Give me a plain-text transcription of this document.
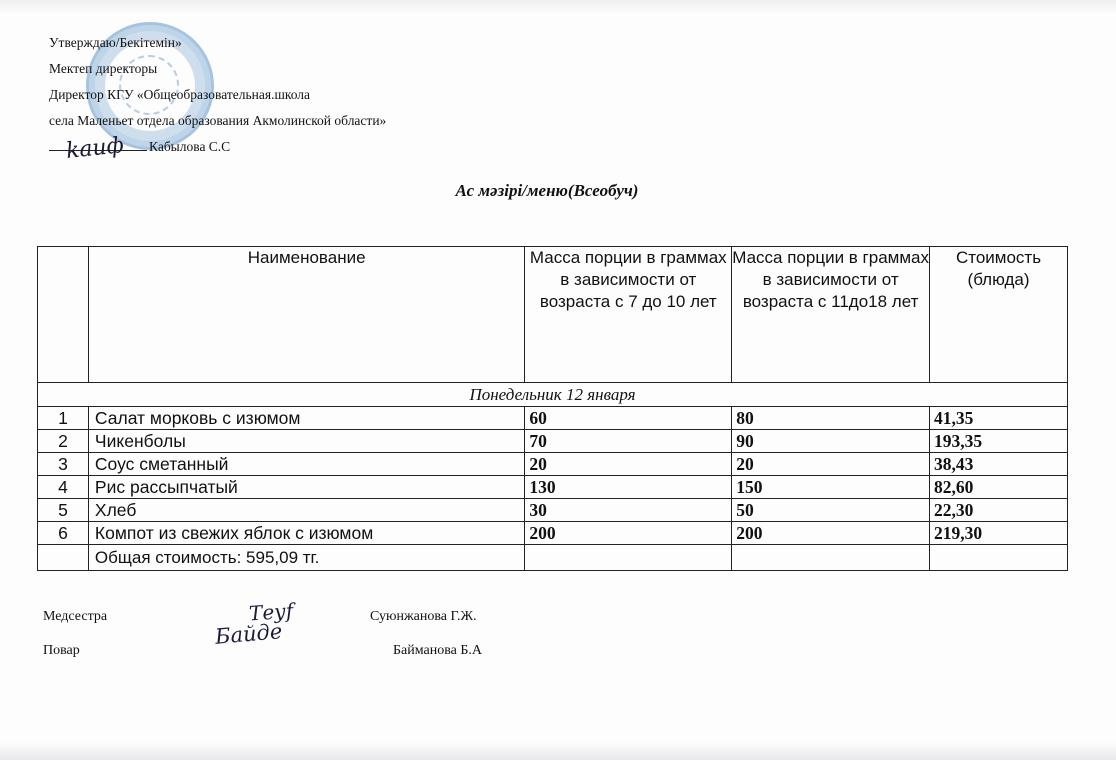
Утверждаю/Бекітемін»
Мектеп директоры
Директор КГУ «Общеобразовательная.школа
села Маленьет отдела образования Акмолинской области»
Кабылова С.С
kaиф
Ас мәзірі/меню(Всеобуч)
	Наименование	Масса порции в граммах в зависимости от возраста с 7 до 10 лет	Масса порции в граммах в зависимости от возраста с 11до18 лет	Стоимость (блюда)
Понедельник 12 января				
1	Салат морковь с изюмом	60	80	41,35
2	Чикенболы	70	90	193,35
3	Соус сметанный	20	20	38,43
4	Рис рассыпчатый	130	150	82,60
5	Хлеб	30	50	22,30
6	Компот из свежих яблок с изюмом	200	200	219,30
	Общая стоимость: 595,09 тг.			
Медсестра	Тeуf	Суюнжанова Г.Ж.
Повар
Байде
Байманова Б.А
